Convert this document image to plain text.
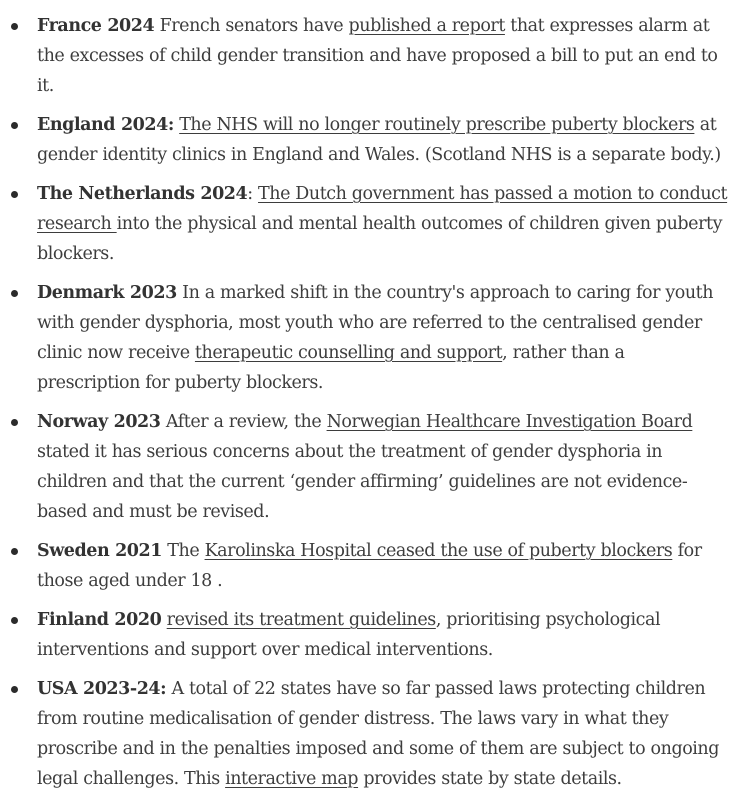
France 2024 French senators have published a report that expresses alarm at the excesses of child gender transition and have proposed a bill to put an end to it.
England 2024: The NHS will no longer routinely prescribe puberty blockers at gender identity clinics in England and Wales. (Scotland NHS is a separate body.)
The Netherlands 2024: The Dutch government has passed a motion to conduct research into the physical and mental health outcomes of children given puberty blockers.
Denmark 2023 In a marked shift in the country's approach to caring for youth with gender dysphoria, most youth who are referred to the centralised gender clinic now receive therapeutic counselling and support, rather than a prescription for puberty blockers.
Norway 2023 After a review, the Norwegian Healthcare Investigation Board stated it has serious concerns about the treatment of gender dysphoria in children and that the current ‘gender affirming’ guidelines are not evidence-based and must be revised.
Sweden 2021 The Karolinska Hospital ceased the use of puberty blockers for those aged under 18 .
Finland 2020 revised its treatment guidelines, prioritising psychological interventions and support over medical interventions.
USA 2023-24: A total of 22 states have so far passed laws protecting children from routine medicalisation of gender distress. The laws vary in what they proscribe and in the penalties imposed and some of them are subject to ongoing legal challenges. This interactive map provides state by state details.
